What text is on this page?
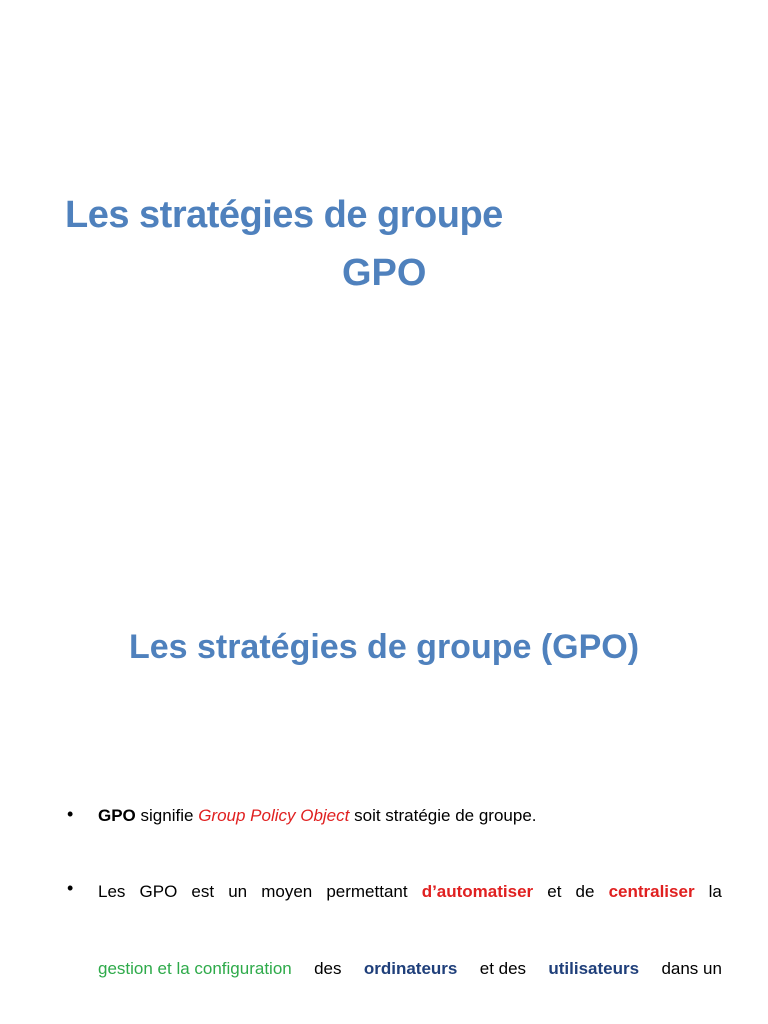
Les stratégies de groupe
GPO
Les stratégies de groupe (GPO)
• GPO signifie Group Policy Object soit stratégie de groupe.
• Les GPO est un moyen permettant d’automatiser et de centraliser la
gestion et la configuration des ordinateurs et des utilisateurs dans un
